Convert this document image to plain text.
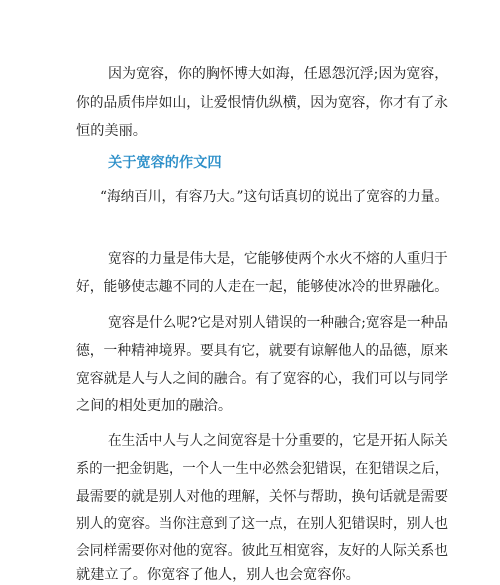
因为宽容，你的胸怀博大如海，任恩怨沉浮;因为宽容，
你的品质伟岸如山，让爱恨情仇纵横，因为宽容，你才有了永
恒的美丽。
关于宽容的作文四
“海纳百川，有容乃大。”这句话真切的说出了宽容的力量。
宽容的力量是伟大是，它能够使两个水火不熔的人重归于
好，能够使志趣不同的人走在一起，能够使冰冷的世界融化。
宽容是什么呢?它是对别人错误的一种融合;宽容是一种品
德，一种精神境界。要具有它，就要有谅解他人的品德，原来
宽容就是人与人之间的融合。有了宽容的心，我们可以与同学
之间的相处更加的融洽。
在生活中人与人之间宽容是十分重要的，它是开拓人际关
系的一把金钥匙，一个人一生中必然会犯错误，在犯错误之后，
最需要的就是别人对他的理解，关怀与帮助，换句话就是需要
别人的宽容。当你注意到了这一点，在别人犯错误时，别人也
会同样需要你对他的宽容。彼此互相宽容，友好的人际关系也
就建立了。你宽容了他人，别人也会宽容你。
